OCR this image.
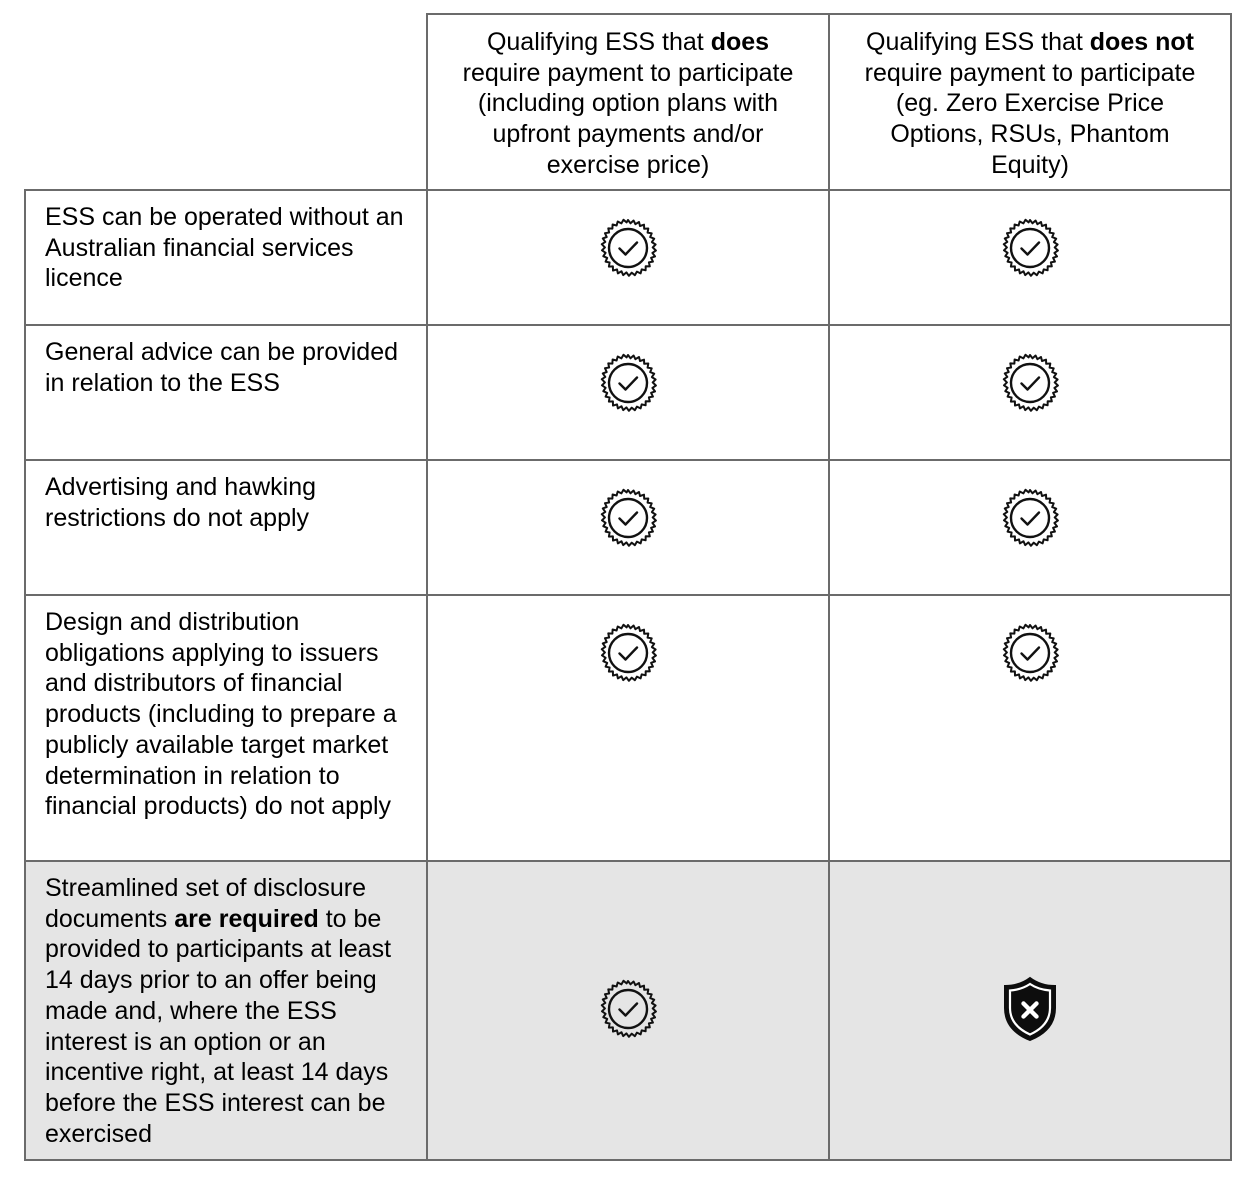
Qualifying ESS that does require payment to participate (including option plans with upfront payments and/or exercise price)
Qualifying ESS that does not require payment to participate (eg. Zero Exercise Price Options, RSUs, Phantom Equity)
ESS can be operated without an Australian financial services licence
General advice can be provided in relation to the ESS
Advertising and hawking restrictions do not apply
Design and distribution obligations applying to issuers and distributors of financial products (including to prepare a publicly available target market determination in relation to financial products) do not apply
Streamlined set of disclosure documents are required to be provided to participants at least 14 days prior to an offer being made and, where the ESS interest is an option or an incentive right, at least 14 days before the ESS interest can be exercised
